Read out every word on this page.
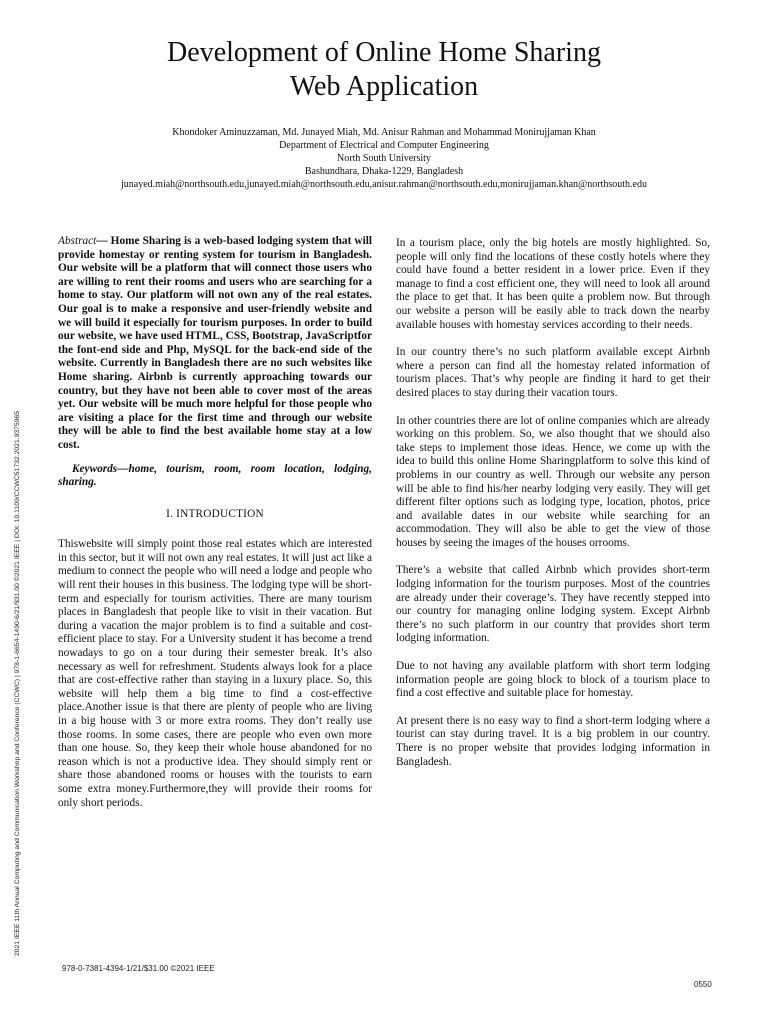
Development of Online Home Sharing
Web Application
Khondoker Aminuzzaman, Md. Junayed Miah, Md. Anisur Rahman and Mohammad Monirujjaman Khan
Department of Electrical and Computer Engineering
North South University
Bashundhara, Dhaka-1229, Bangladesh
junayed.miah@northsouth.edu,junayed.miah@northsouth.edu,anisur.rahman@northsouth.edu,monirujjaman.khan@northsouth.edu
2021 IEEE 11th Annual Computing and Communication Workshop and Conference (CCWC) | 978-1-6654-1490-6/21/$31.00 ©2021 IEEE | DOI: 10.1109/CCWC51732.2021.9375965

Abstract— Home Sharing is a web-based lodging system that will provide homestay or renting system for tourism in Bangladesh. Our website will be a platform that will connect those users who are willing to rent their rooms and users who are searching for a home to stay. Our platform will not own any of the real estates. Our goal is to make a responsive and user-friendly website and we will build it especially for tourism purposes. In order to build our website, we have used HTML, CSS, Bootstrap, JavaScriptfor the font-end side and Php, MySQL for the back-end side of the website. Currently in Bangladesh there are no such websites like Home sharing. Airbnb is currently approaching towards our country, but they have not been able to cover most of the areas yet. Our website will be much more helpful for those people who are visiting a place for the first time and through our website they will be able to find the best available home stay at a low cost.

Keywords—home, tourism, room, room location, lodging, sharing.

I. INTRODUCTION

Thiswebsite will simply point those real estates which are interested in this sector, but it will not own any real estates. It will just act like a medium to connect the people who will need a lodge and people who will rent their houses in this business. The lodging type will be short-term and especially for tourism activities. There are many tourism places in Bangladesh that people like to visit in their vacation. But during a vacation the major problem is to find a suitable and cost-efficient place to stay. For a University student it has become a trend nowadays to go on a tour during their semester break. It’s also necessary as well for refreshment. Students always look for a place that are cost-effective rather than staying in a luxury place. So, this website will help them a big time to find a cost-effective place.Another issue is that there are plenty of people who are living in a big house with 3 or more extra rooms. They don’t really use those rooms. In some cases, there are people who even own more than one house. So, they keep their whole house abandoned for no reason which is not a productive idea. They should simply rent or share those abandoned rooms or houses with the tourists to earn some extra money.Furthermore,they will provide their rooms for only short periods.

In a tourism place, only the big hotels are mostly highlighted. So, people will only find the locations of these costly hotels where they could have found a better resident in a lower price. Even if they manage to find a cost efficient one, they will need to look all around the place to get that. It has been quite a problem now. But through our website a person will be easily able to track down the nearby available houses with homestay services according to their needs.

In our country there’s no such platform available except Airbnb where a person can find all the homestay related information of tourism places. That’s why people are finding it hard to get their desired places to stay during their vacation tours.

In other countries there are lot of online companies which are already working on this problem. So, we also thought that we should also take steps to implement those ideas. Hence, we come up with the idea to build this online Home Sharingplatform to solve this kind of problems in our country as well. Through our website any person will be able to find his/her nearby lodging very easily. They will get different filter options such as lodging type, location, photos, price and available dates in our website while searching for an accommodation. They will also be able to get the view of those houses by seeing the images of the houses orrooms.

There’s a website that called Airbnb which provides short-term lodging information for the tourism purposes. Most of the countries are already under their coverage’s. They have recently stepped into our country for managing online lodging system. Except Airbnb there’s no such platform in our country that provides short term lodging information.

Due to not having any available platform with short term lodging information people are going block to block of a tourism place to find a cost effective and suitable place for homestay.

At present there is no easy way to find a short-term lodging where a tourist can stay during travel. It is a big problem in our country. There is no proper website that provides lodging information in Bangladesh.

978-0-7381-4394-1/21/$31.00 ©2021 IEEE
0550
